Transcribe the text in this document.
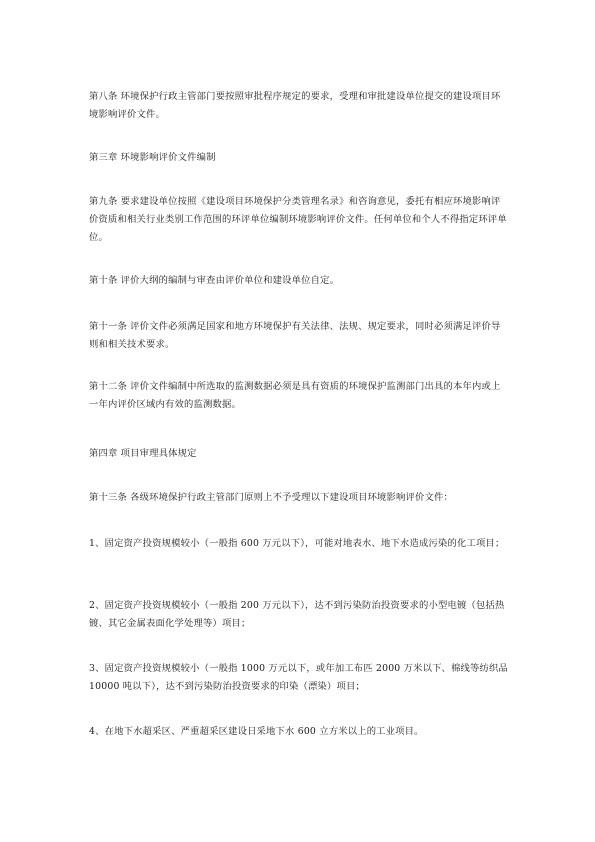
第八条 环境保护行政主管部门要按照审批程序规定的要求，受理和审批建设单位提交的建设项目环境影响评价文件。

第三章 环境影响评价文件编制

第九条 要求建设单位按照《建设项目环境保护分类管理名录》和咨询意见，委托有相应环境影响评价资质和相关行业类别工作范围的环评单位编制环境影响评价文件。任何单位和个人不得指定环评单位。

第十条 评价大纲的编制与审查由评价单位和建设单位自定。

第十一条 评价文件必须满足国家和地方环境保护有关法律、法规、规定要求，同时必须满足评价导则和相关技术要求。

第十二条 评价文件编制中所选取的监测数据必须是具有资质的环境保护监测部门出具的本年内或上一年内评价区域内有效的监测数据。

第四章 项目审理具体规定

第十三条 各级环境保护行政主管部门原则上不予受理以下建设项目环境影响评价文件：

1、固定资产投资规模较小（一般指 600 万元以下），可能对地表水、地下水造成污染的化工项目；

2、固定资产投资规模较小（一般指 200 万元以下），达不到污染防治投资要求的小型电镀（包括热镀、其它金属表面化学处理等）项目；

3、固定资产投资规模较小（一般指 1000 万元以下，或年加工布匹 2000 万米以下、棉线等纺织品 10000 吨以下），达不到污染防治投资要求的印染（漂染）项目；

4、在地下水超采区、严重超采区建设日采地下水 600 立方米以上的工业项目。
